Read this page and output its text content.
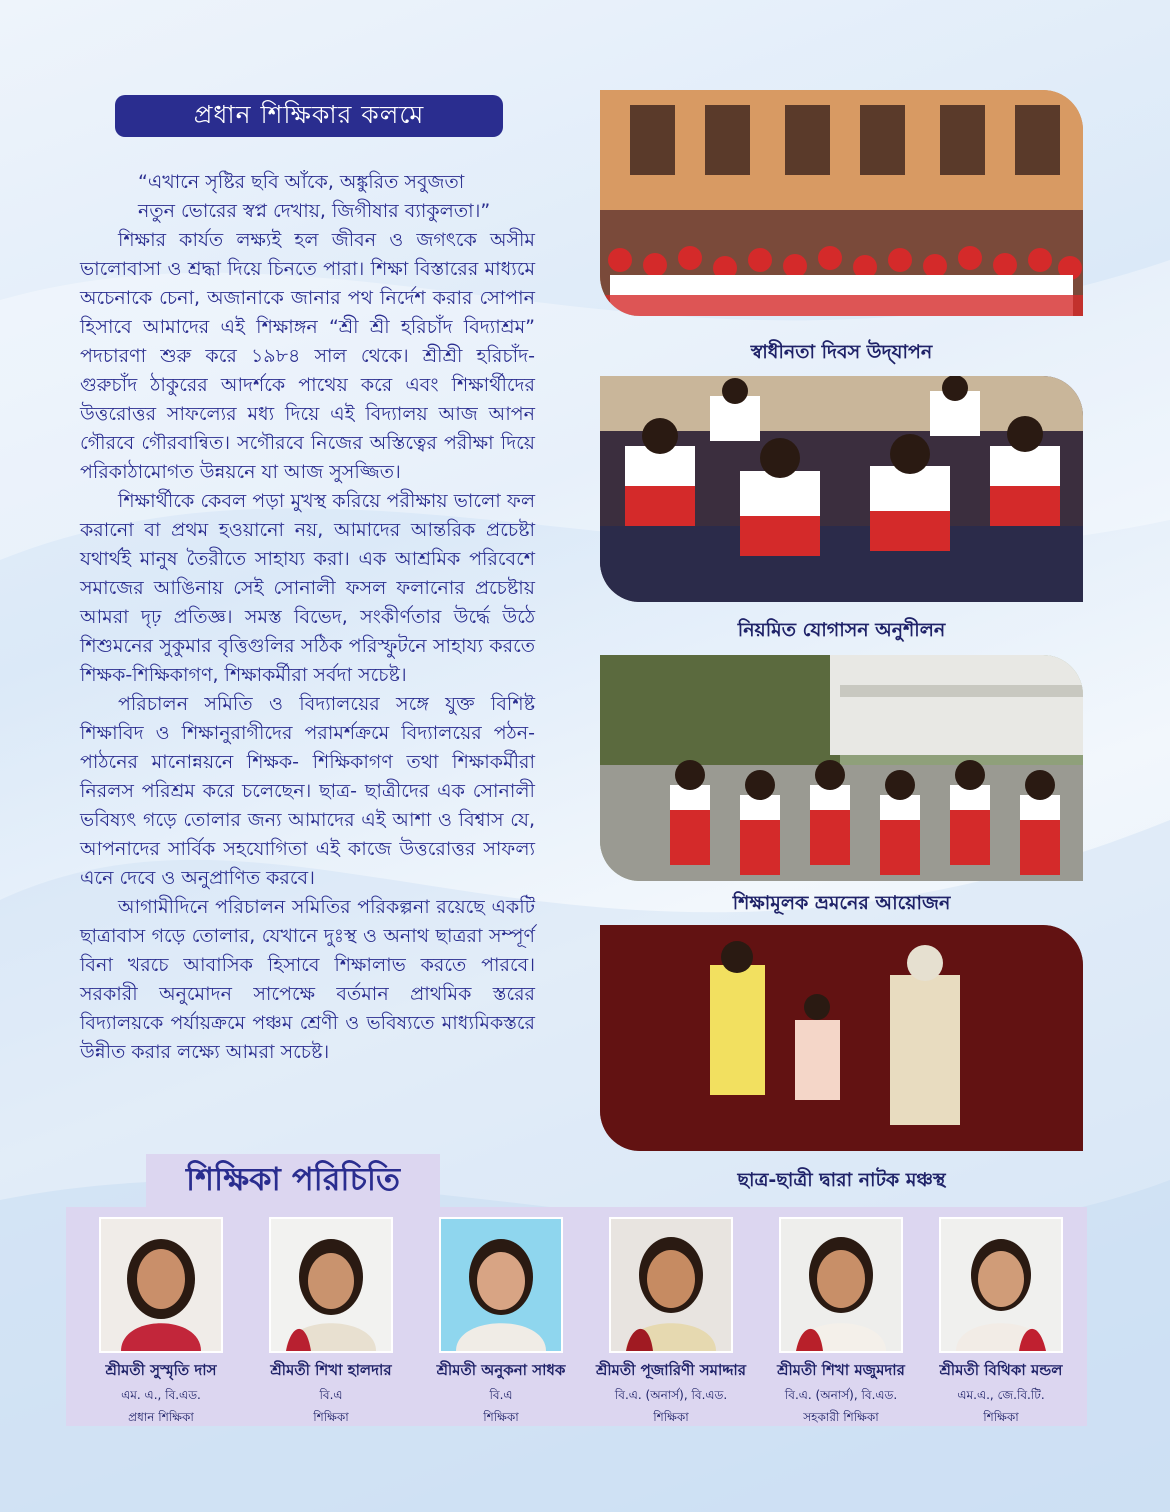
প্রধান শিক্ষিকার কলমে

“এখানে সৃষ্টির ছবি আঁকে, অঙ্কুরিত সবুজতা
নতুন ভোরের স্বপ্ন দেখায়, জিগীষার ব্যাকুলতা।”

শিক্ষার কার্যত লক্ষ্যই হল জীবন ও জগৎকে অসীম ভালোবাসা ও শ্রদ্ধা দিয়ে চিনতে পারা। শিক্ষা বিস্তারের মাধ্যমে অচেনাকে চেনা, অজানাকে জানার পথ নির্দেশ করার সোপান হিসাবে আমাদের এই শিক্ষাঙ্গন “শ্রী শ্রী হরিচাঁদ বিদ্যাশ্রম” পদচারণা শুরু করে ১৯৮৪ সাল থেকে। শ্রীশ্রী হরিচাঁদ-গুরুচাঁদ ঠাকুরের আদর্শকে পাথেয় করে এবং শিক্ষার্থীদের উত্তরোত্তর সাফল্যের মধ্য দিয়ে এই বিদ্যালয় আজ আপন গৌরবে গৌরবান্বিত। সগৌরবে নিজের অস্তিত্বের পরীক্ষা দিয়ে পরিকাঠামোগত উন্নয়নে যা আজ সুসজ্জিত।

শিক্ষার্থীকে কেবল পড়া মুখস্থ করিয়ে পরীক্ষায় ভালো ফল করানো বা প্রথম হওয়ানো নয়, আমাদের আন্তরিক প্রচেষ্টা যথার্থই মানুষ তৈরীতে সাহায্য করা। এক আশ্রমিক পরিবেশে সমাজের আঙিনায় সেই সোনালী ফসল ফলানোর প্রচেষ্টায় আমরা দৃঢ় প্রতিজ্ঞ। সমস্ত বিভেদ, সংকীর্ণতার উর্দ্ধে উঠে শিশুমনের সুকুমার বৃত্তিগুলির সঠিক পরিস্ফুটনে সাহায্য করতে শিক্ষক-শিক্ষিকাগণ, শিক্ষাকর্মীরা সর্বদা সচেষ্ট।

পরিচালন সমিতি ও বিদ্যালয়ের সঙ্গে যুক্ত বিশিষ্ট শিক্ষাবিদ ও শিক্ষানুরাগীদের পরামর্শক্রমে বিদ্যালয়ের পঠন-পাঠনের মানোন্নয়নে শিক্ষক- শিক্ষিকাগণ তথা শিক্ষাকর্মীরা নিরলস পরিশ্রম করে চলেছেন। ছাত্র- ছাত্রীদের এক সোনালী ভবিষ্যৎ গড়ে তোলার জন্য আমাদের এই আশা ও বিশ্বাস যে, আপনাদের সার্বিক সহযোগিতা এই কাজে উত্তরোত্তর সাফল্য এনে দেবে ও অনুপ্রাণিত করবে।

আগামীদিনে পরিচালন সমিতির পরিকল্পনা রয়েছে একটি ছাত্রাবাস গড়ে তোলার, যেখানে দুঃস্থ ও অনাথ ছাত্ররা সম্পূর্ণ বিনা খরচে আবাসিক হিসাবে শিক্ষালাভ করতে পারবে। সরকারী অনুমোদন সাপেক্ষে বর্তমান প্রাথমিক স্তরের বিদ্যালয়কে পর্যায়ক্রমে পঞ্চম শ্রেণী ও ভবিষ্যতে মাধ্যমিকস্তরে উন্নীত করার লক্ষ্যে আমরা সচেষ্ট।

স্বাধীনতা দিবস উদ্‌যাপন
নিয়মিত যোগাসন অনুশীলন
শিক্ষামূলক ভ্রমনের আয়োজন
ছাত্র-ছাত্রী দ্বারা নাটক মঞ্চস্থ
শিক্ষিকা পরিচিতি
শ্রীমতী সুস্মৃতি দাস
এম. এ., বি.এড.
প্রধান শিক্ষিকা
শ্রীমতী শিখা হালদার
বি.এ
শিক্ষিকা
শ্রীমতী অনুকনা সাধক
বি.এ
শিক্ষিকা
শ্রীমতী পূজারিণী সমাদ্দার
বি.এ. (অনার্স), বি.এড.
শিক্ষিকা
শ্রীমতী শিখা মজুমদার
বি.এ. (অনার্স), বি.এড.
সহকারী শিক্ষিকা
শ্রীমতী বিথিকা মন্ডল
এম.এ., জে.বি.টি.
শিক্ষিকা
